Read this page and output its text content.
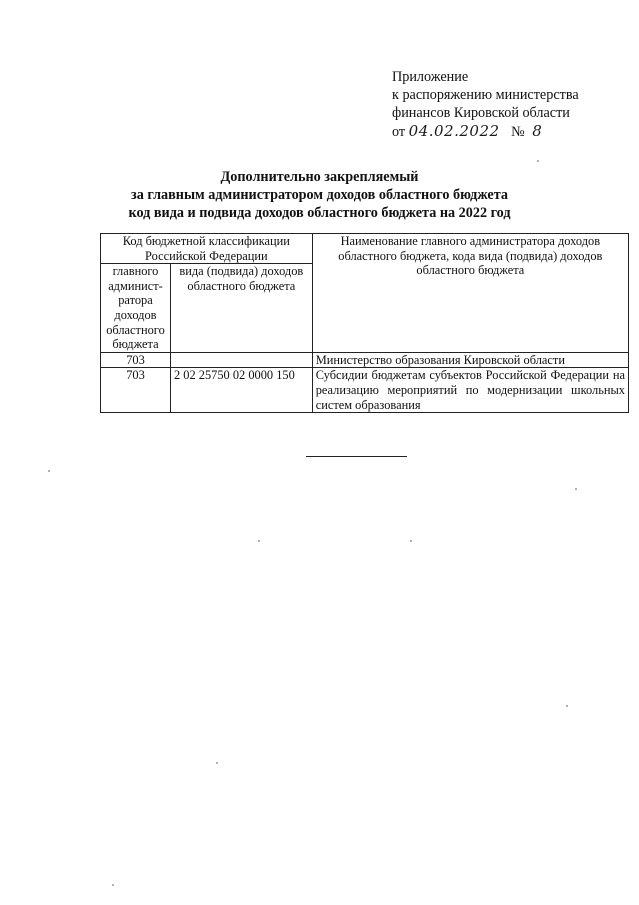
Приложение
к распоряжению министерства
финансов Кировской области
от 04.02.2022 № 8
Дополнительно закрепляемый
за главным администратором доходов областного бюджета
код вида и подвида доходов областного бюджета на 2022 год
Код бюджетной классификации Российской Федерации		Наименование главного администратора доходов областного бюджета, кода вида (подвида) доходов областного бюджета
главного админист-ратора доходов областного бюджета	вида (подвида) доходов областного бюджета	
703		Министерство образования Кировской области
703	2 02 25750 02 0000 150	Субсидии бюджетам субъектов Российской Федерации на реализацию мероприятий по модернизации школьных систем образования
